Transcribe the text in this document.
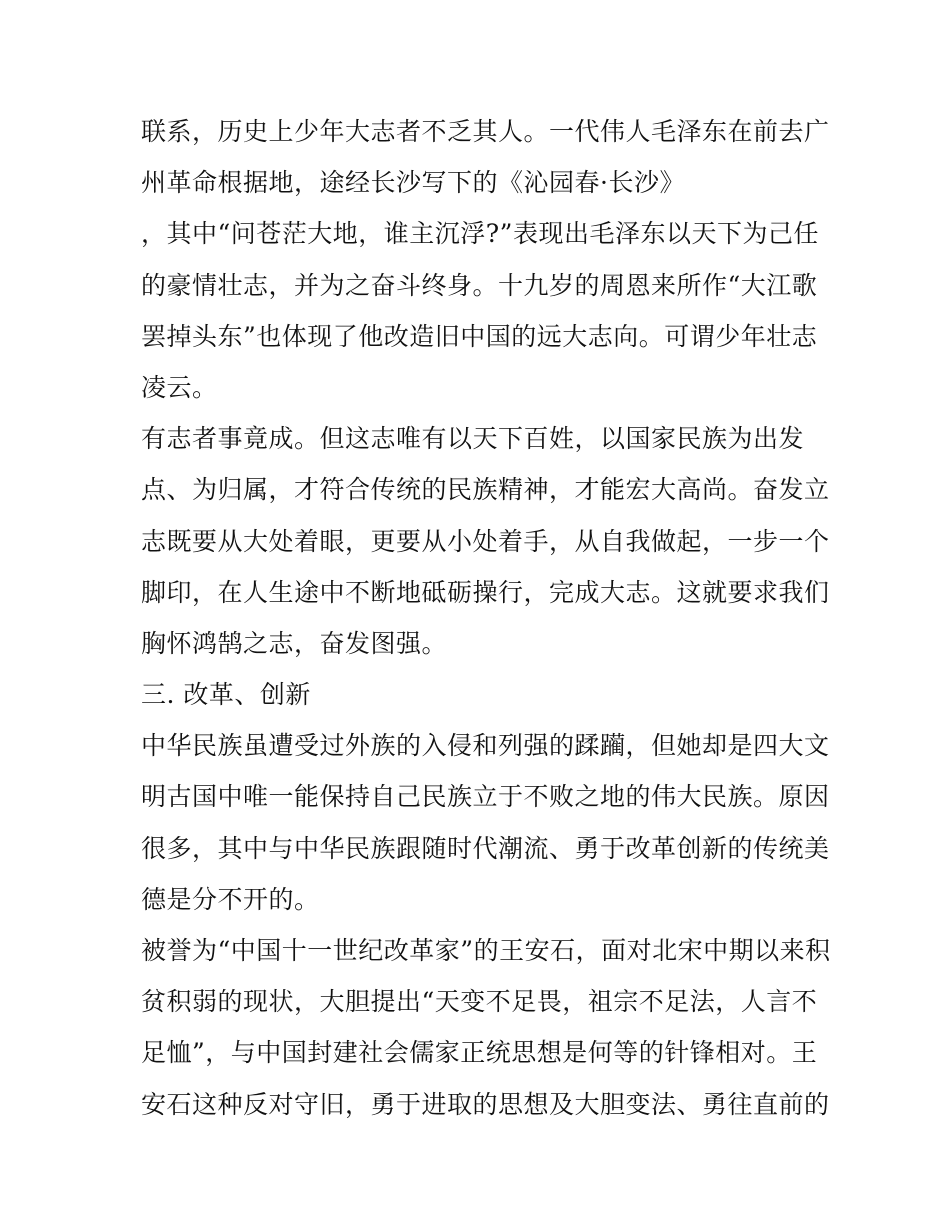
联系，历史上少年大志者不乏其人。一代伟人毛泽东在前去广
州革命根据地，途经长沙写下的《沁园春·长沙》
，其中“问苍茫大地，谁主沉浮?”表现出毛泽东以天下为己任
的豪情壮志，并为之奋斗终身。十九岁的周恩来所作“大江歌
罢掉头东”也体现了他改造旧中国的远大志向。可谓少年壮志
凌云。
有志者事竟成。但这志唯有以天下百姓，以国家民族为出发
点、为归属，才符合传统的民族精神，才能宏大高尚。奋发立
志既要从大处着眼，更要从小处着手，从自我做起，一步一个
脚印，在人生途中不断地砥砺操行，完成大志。这就要求我们
胸怀鸿鹄之志，奋发图强。
三. 改革、创新
中华民族虽遭受过外族的入侵和列强的蹂躏，但她却是四大文
明古国中唯一能保持自己民族立于不败之地的伟大民族。原因
很多，其中与中华民族跟随时代潮流、勇于改革创新的传统美
德是分不开的。
被誉为“中国十一世纪改革家”的王安石，面对北宋中期以来积
贫积弱的现状，大胆提出“天变不足畏，祖宗不足法，人言不
足恤”，与中国封建社会儒家正统思想是何等的针锋相对。王
安石这种反对守旧，勇于进取的思想及大胆变法、勇往直前的
